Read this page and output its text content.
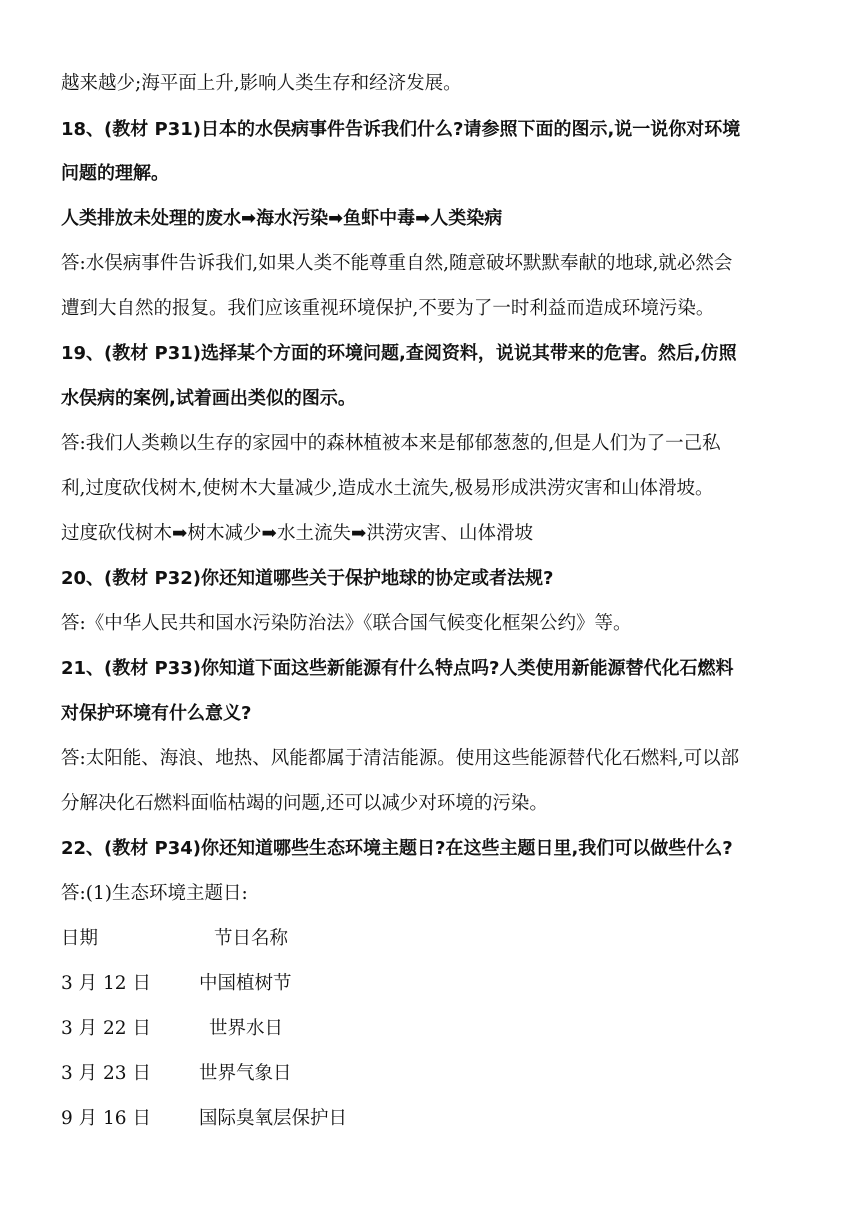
越来越少;海平面上升,影响人类生存和经济发展。
18、(教材 P31)日本的水俣病事件告诉我们什么?请参照下面的图示,说一说你对环境
问题的理解。
人类排放未处理的废水➡海水污染➡鱼虾中毒➡人类染病
答:水俣病事件告诉我们,如果人类不能尊重自然,随意破坏默默奉献的地球,就必然会
遭到大自然的报复。我们应该重视环境保护,不要为了一时利益而造成环境污染。
19、(教材 P31)选择某个方面的环境问题,查阅资料，说说其带来的危害。然后,仿照
水俣病的案例,试着画出类似的图示。
答:我们人类赖以生存的家园中的森林植被本来是郁郁葱葱的,但是人们为了一己私
利,过度砍伐树木,使树木大量减少,造成水土流失,极易形成洪涝灾害和山体滑坡。
过度砍伐树木➡树木减少➡水土流失➡洪涝灾害、山体滑坡
20、(教材 P32)你还知道哪些关于保护地球的协定或者法规?
答:《中华人民共和国水污染防治法》《联合国气候变化框架公约》等。
21、(教材 P33)你知道下面这些新能源有什么特点吗?人类使用新能源替代化石燃料
对保护环境有什么意义?
答:太阳能、海浪、地热、风能都属于清洁能源。使用这些能源替代化石燃料,可以部
分解决化石燃料面临枯竭的问题,还可以减少对环境的污染。
22、(教材 P34)你还知道哪些生态环境主题日?在这些主题日里,我们可以做些什么?
答:(1)生态环境主题日:
日期	节日名称
3 月 12 日	中国植树节
3 月 22 日	世界水日
3 月 23 日	世界气象日
9 月 16 日	国际臭氧层保护日
